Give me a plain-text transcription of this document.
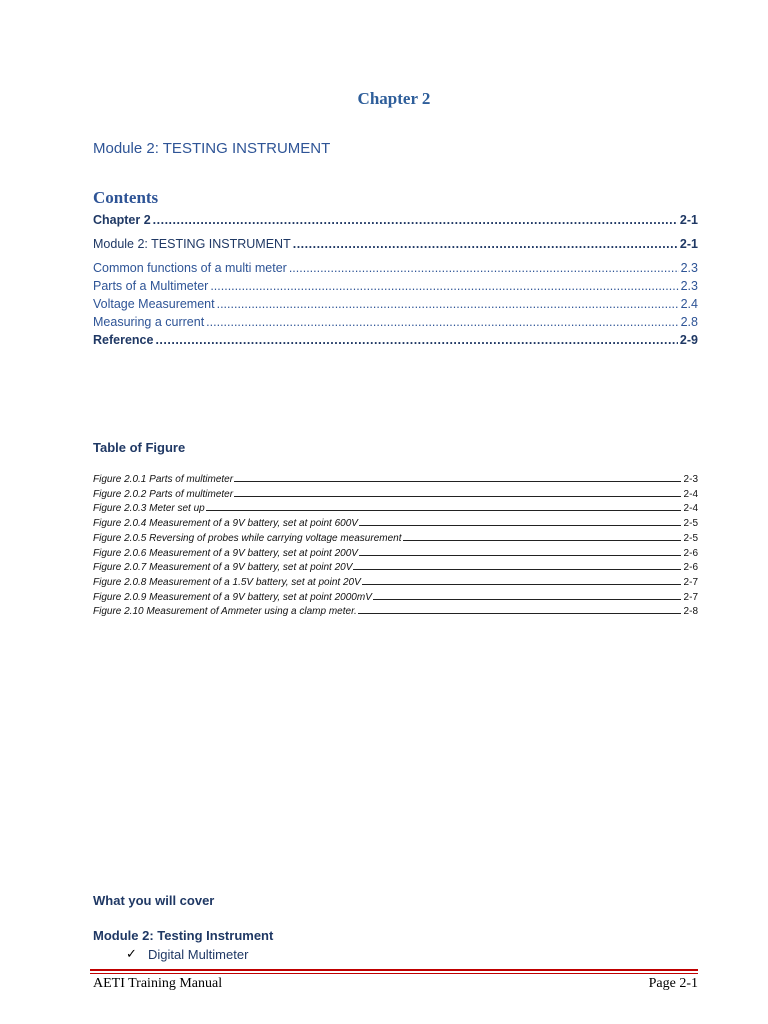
Chapter 2
Module 2: TESTING INSTRUMENT
Contents
Chapter 2 .....	2-1
Module 2: TESTING INSTRUMENT .....	2-1
Common functions of a multi meter .....	2.3
Parts of a Multimeter .....	2.3
Voltage Measurement .....	2.4
Measuring a current .....	2.8
Reference .....	2-9
Table of Figure
Figure 2.0.1 Parts of multimeter	2-3
Figure 2.0.2 Parts of multimeter	2-4
Figure 2.0.3 Meter set up	2-4
Figure 2.0.4 Measurement of a 9V battery, set at point 600V	2-5
Figure 2.0.5 Reversing of probes while carrying voltage measurement	2-5
Figure 2.0.6 Measurement of a 9V battery, set at point 200V	2-6
Figure 2.0.7 Measurement of a 9V battery, set at point 20V	2-6
Figure 2.0.8 Measurement of a 1.5V battery, set at point 20V	2-7
Figure 2.0.9 Measurement of a 9V battery, set at point 2000mV	2-7
Figure 2.10 Measurement of Ammeter using a clamp meter.	2-8
What you will cover
Module 2: Testing Instrument
✓ Digital Multimeter
AETI Training Manual	Page 2-1
